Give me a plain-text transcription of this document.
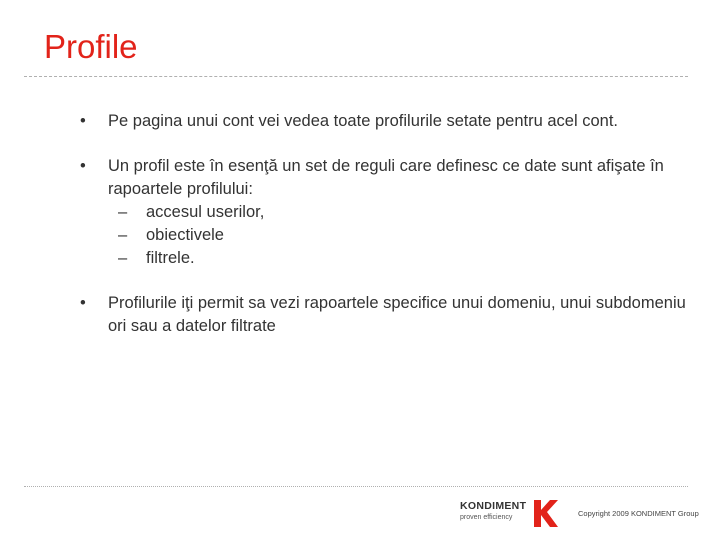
Profile
•	Pe pagina unui cont vei vedea toate profilurile setate pentru acel cont.
•	Un profil este în esenţă un set de reguli care definesc ce date sunt afişate în rapoartele profilului:
– accesul userilor,
– obiectivele
– filtrele.
•	Profilurile iţi permit sa vezi rapoartele specifice unui domeniu, unui subdomeniu ori sau a datelor filtrate
KONDIMENT
proven efficiency	Copyright 2009 KONDIMENT Group
